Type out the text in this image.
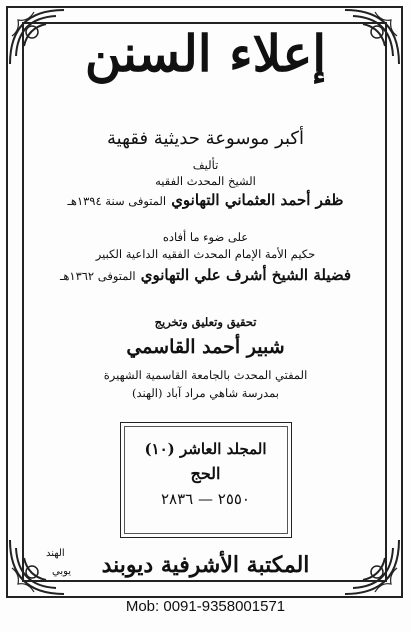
إعلاء السنن
أكبر موسوعة حديثية فقهية
تأليف
الشيخ المحدث الفقيه
ظفر أحمد العثماني التهانوي المتوفى سنة ١٣٩٤هـ
على ضوء ما أفاده
حكيم الأمة الإمام المحدث الفقيه الداعية الكبير
فضيلة الشيخ أشرف علي التهانوي المتوفى ١٣٦٢هـ
تحقيق وتعليق وتخريج
شبير أحمد القاسمي
المفتي المحدث بالجامعة القاسمية الشهيرة
بمدرسة شاهي مراد آباد (الهند)
المجلد العاشر (١٠)
الحج
٢٥٥٠ — ٢٨٣٦
المكتبة الأشرفية ديوبند
الهند
يوبي
Mob: 0091-9358001571
